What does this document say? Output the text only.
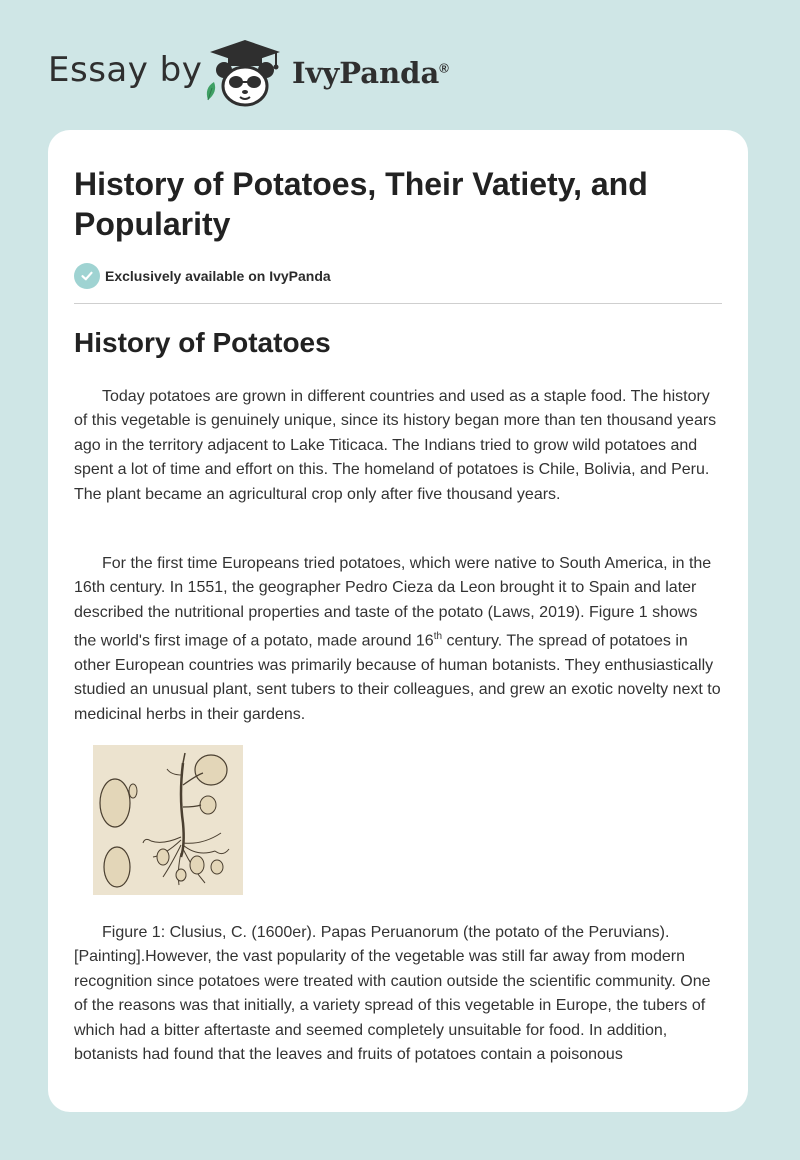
Essay by	IvyPanda®
History of Potatoes, Their Vatiety, and Popularity
Exclusively available on IvyPanda
History of Potatoes

Today potatoes are grown in different countries and used as a staple food. The history of this vegetable is genuinely unique, since its history began more than ten thousand years ago in the territory adjacent to Lake Titicaca. The Indians tried to grow wild potatoes and spent a lot of time and effort on this. The homeland of potatoes is Chile, Bolivia, and Peru. The plant became an agricultural crop only after five thousand years.

For the first time Europeans tried potatoes, which were native to South America, in the 16th century. In 1551, the geographer Pedro Cieza da Leon brought it to Spain and later described the nutritional properties and taste of the potato (Laws, 2019). Figure 1 shows the world's first image of a potato, made around 16th century. The spread of potatoes in other European countries was primarily because of human botanists. They enthusiastically studied an unusual plant, sent tubers to their colleagues, and grew an exotic novelty next to medicinal herbs in their gardens.

Figure 1: Clusius, C. (1600er). Papas Peruanorum (the potato of the Peruvians). [Painting].However, the vast popularity of the vegetable was still far away from modern recognition since potatoes were treated with caution outside the scientific community. One of the reasons was that initially, a variety spread of this vegetable in Europe, the tubers of which had a bitter aftertaste and seemed completely unsuitable for food. In addition, botanists had found that the leaves and fruits of potatoes contain a poisonous
